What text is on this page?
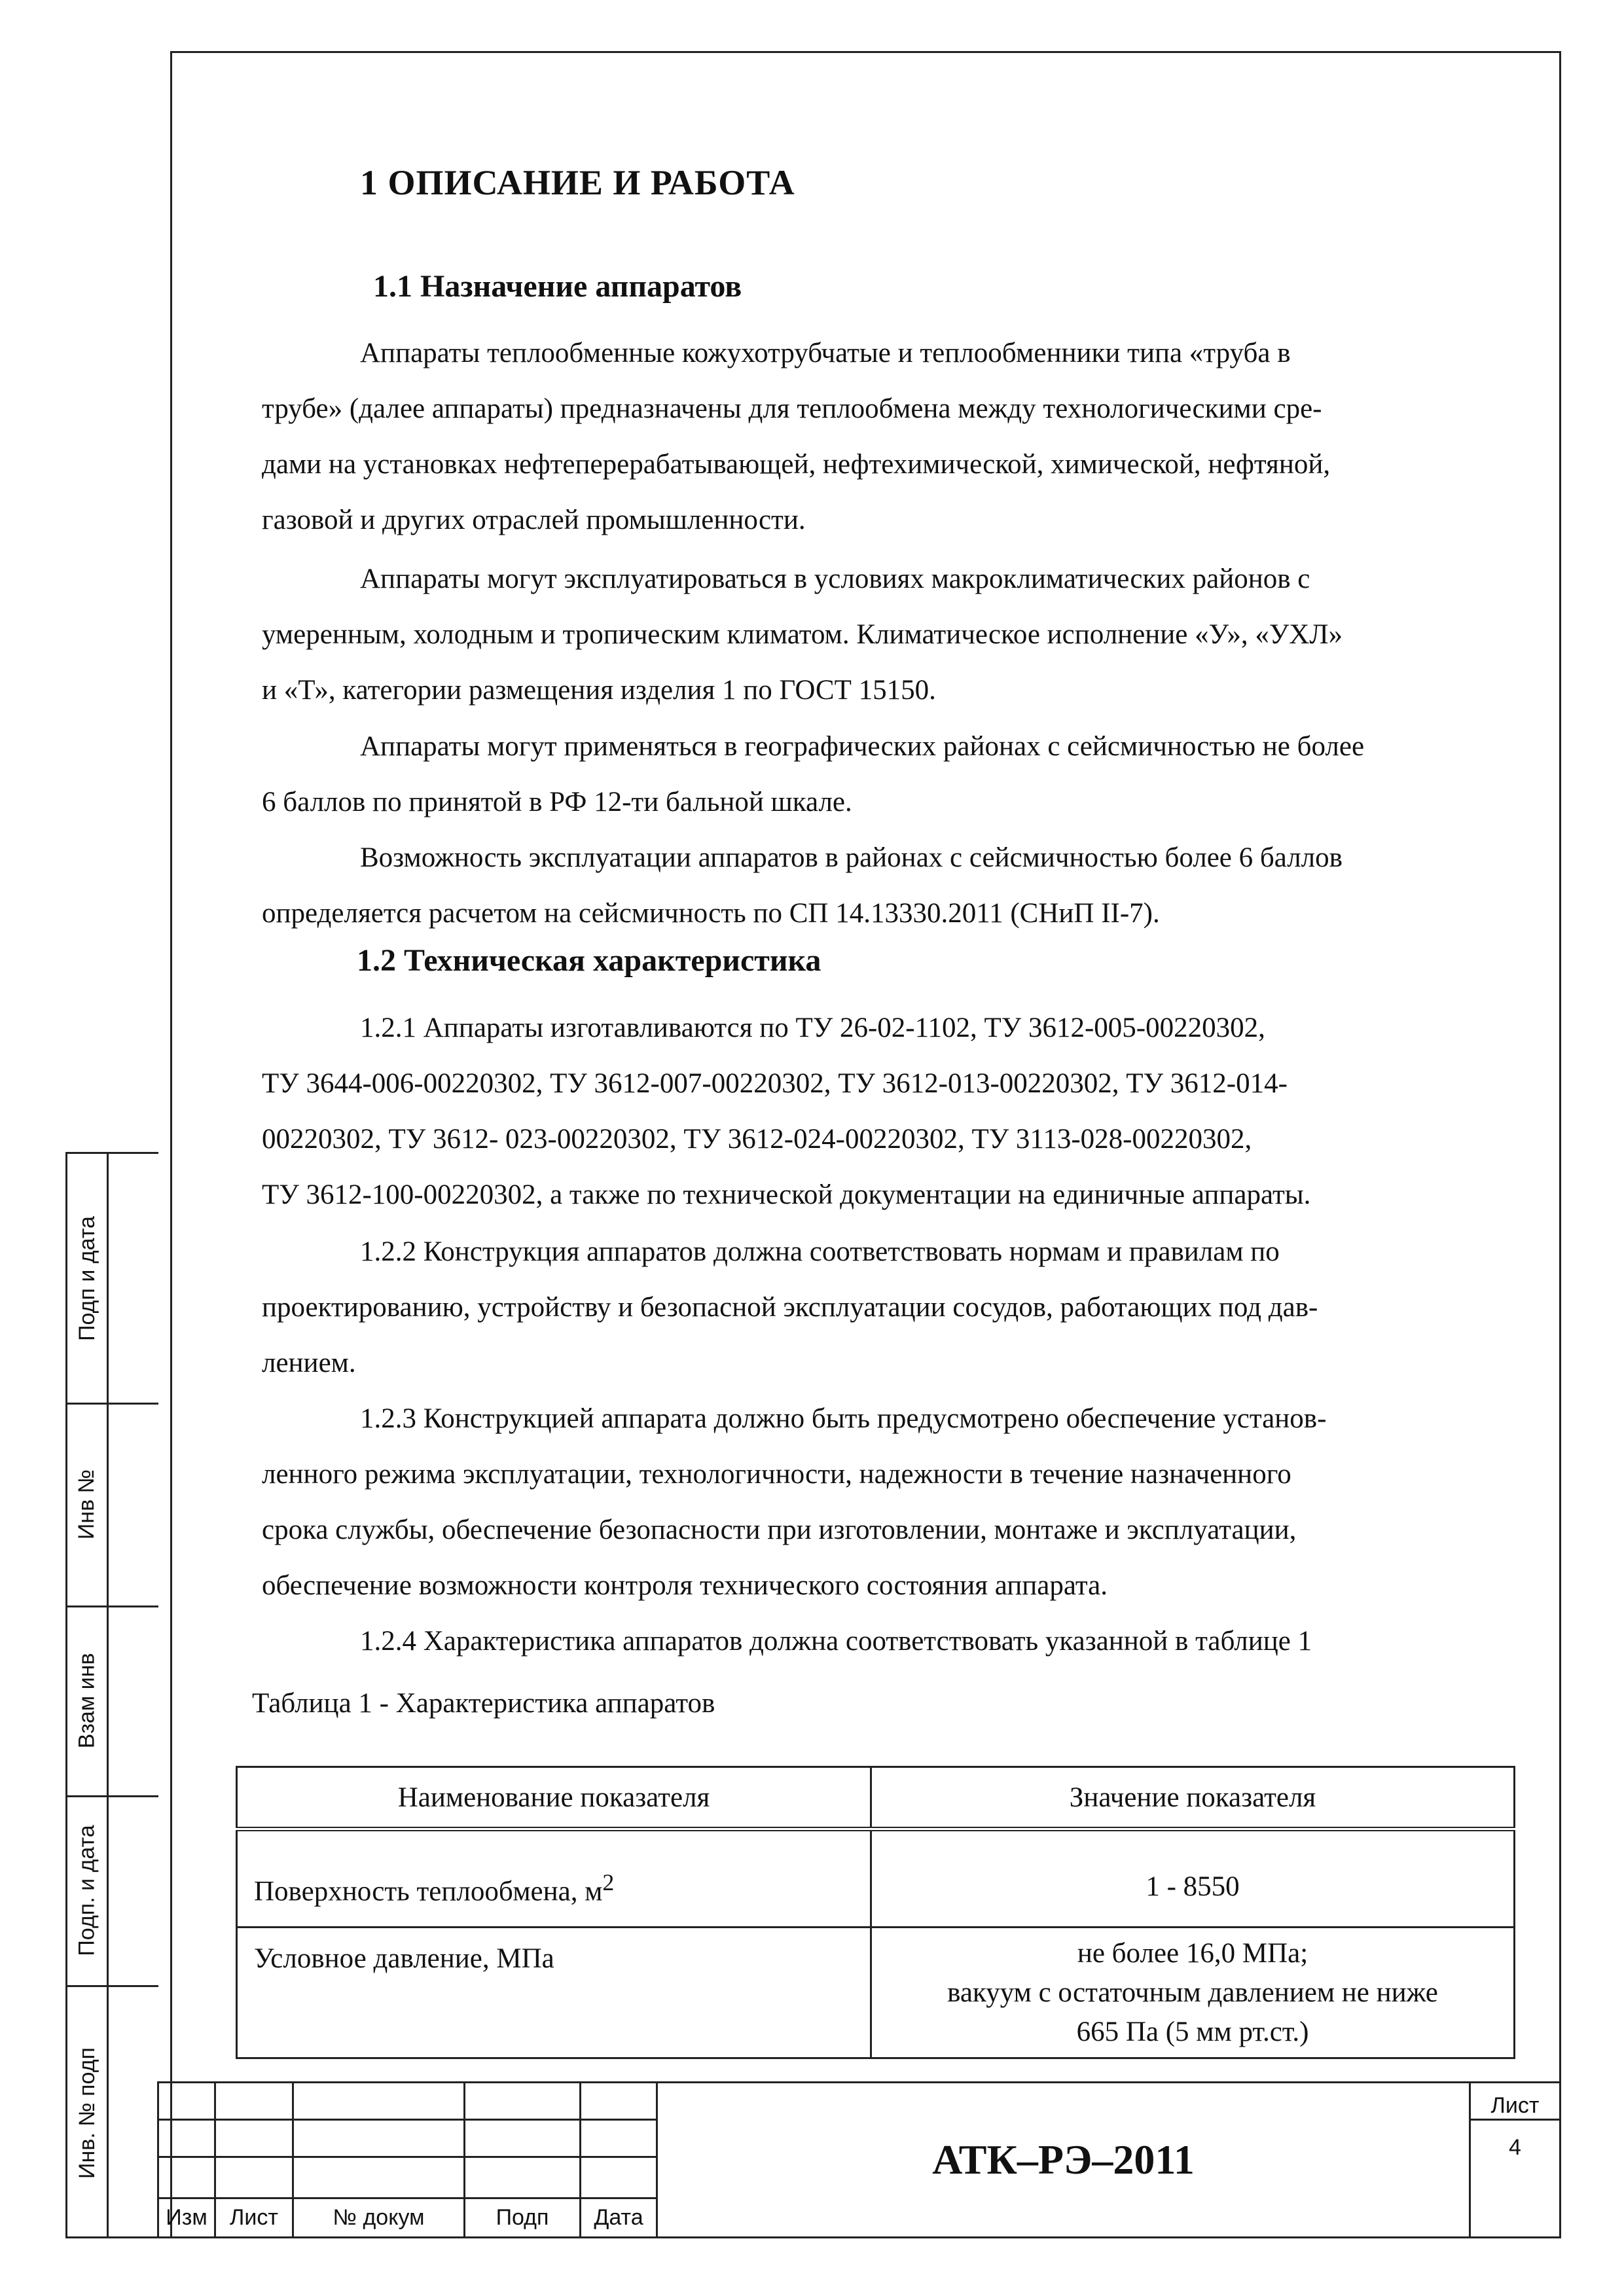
Подп и дата
Инв №
Взам инв
Подп. и дата
Инв. № подп
1 ОПИСАНИЕ И РАБОТА
1.1 Назначение аппаратов
Аппараты теплообменные кожухотрубчатые и теплообменники типа «труба в
трубе» (далее аппараты) предназначены для теплообмена между технологическими сре-
дами на установках нефтеперерабатывающей, нефтехимической, химической, нефтяной,
газовой и других отраслей промышленности.
Аппараты могут эксплуатироваться в условиях макроклиматических районов с
умеренным, холодным и тропическим климатом. Климатическое исполнение «У», «УХЛ»
и «Т», категории размещения изделия 1 по ГОСТ 15150.
Аппараты могут применяться в географических районах с сейсмичностью не более
6 баллов по принятой в РФ 12-ти бальной шкале.
Возможность эксплуатации аппаратов в районах с сейсмичностью более 6 баллов
определяется расчетом на сейсмичность по СП 14.13330.2011 (СНиП II-7).
1.2 Техническая характеристика
1.2.1 Аппараты изготавливаются по ТУ 26-02-1102, ТУ 3612-005-00220302,
ТУ 3644-006-00220302, ТУ 3612-007-00220302, ТУ 3612-013-00220302, ТУ 3612-014-
00220302, ТУ 3612- 023-00220302, ТУ 3612-024-00220302, ТУ 3113-028-00220302,
ТУ 3612-100-00220302, а также по технической документации на единичные аппараты.
1.2.2 Конструкция аппаратов должна соответствовать нормам и правилам по
проектированию, устройству и безопасной эксплуатации сосудов, работающих под дав-
лением.
1.2.3 Конструкцией аппарата должно быть предусмотрено обеспечение установ-
ленного режима эксплуатации, технологичности, надежности в течение назначенного
срока службы, обеспечение безопасности при изготовлении, монтаже и эксплуатации,
обеспечение возможности контроля технического состояния аппарата.
1.2.4 Характеристика аппаратов должна соответствовать указанной в таблице 1
Таблица 1 - Характеристика аппаратов
Наименование показателя	Значение показателя
Поверхность теплообмена, $м^2$	1 - 8550
Условное давление, МПа	не более 16,0 МПа;
вакуум с остаточным давлением не ниже
665 Па (5 мм рт.ст.)
Изм	Лист	№ докум	Подп	Дата
АТК–РЭ–2011
Лист
4
